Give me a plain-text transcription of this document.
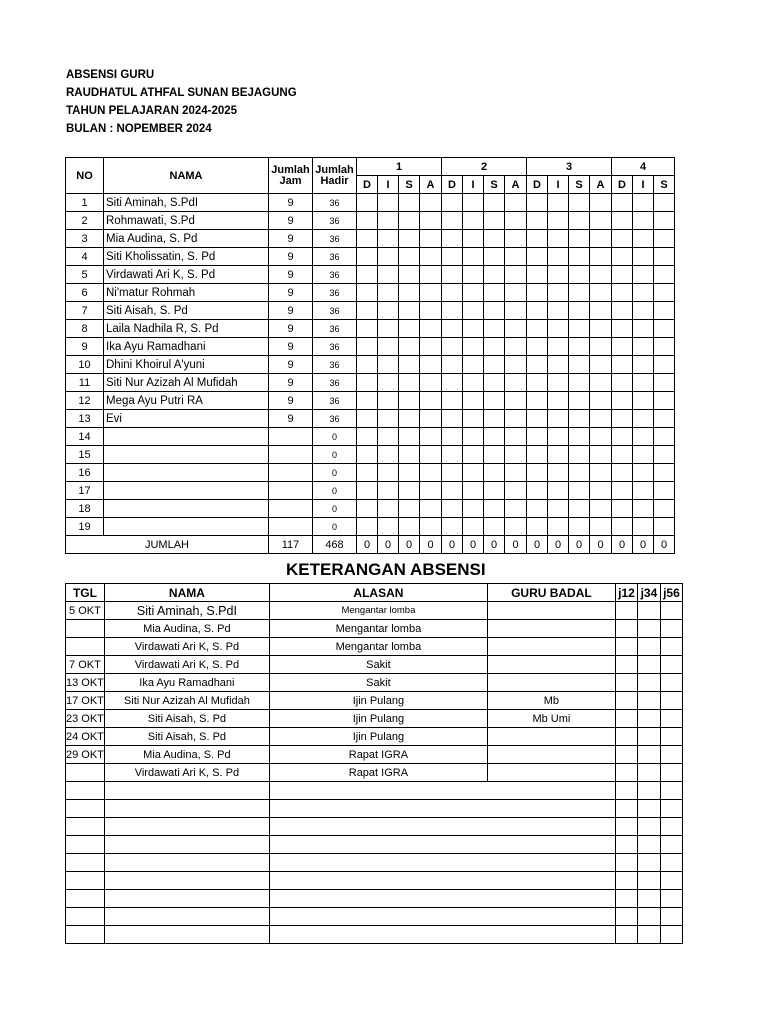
ABSENSI GURU
RAUDHATUL ATHFAL SUNAN BEJAGUNG
TAHUN PELAJARAN 2024-2025
BULAN : NOPEMBER 2024
NO	NAMA	Jumlah Jam	Jumlah Hadir	1				2				3				4		
				D	I	S	A	D	I	S	A	D	I	S	A	D	I	S
1	Siti Aminah, S.PdI	9	36															
2	Rohmawati, S.Pd	9	36															
3	Mia Audina, S. Pd	9	36															
4	Siti Kholissatin, S. Pd	9	36															
5	Virdawati Ari K, S. Pd	9	36															
6	Ni'matur Rohmah	9	36															
7	Siti Aisah, S. Pd	9	36															
8	Laila Nadhila R, S. Pd	9	36															
9	Ika Ayu Ramadhani	9	36															
10	Dhini Khoirul A'yuni	9	36															
11	Siti Nur Azizah Al Mufidah	9	36															
12	Mega Ayu Putri RA	9	36															
13	Evi	9	36															
14			0															
15			0															
16			0															
17			0															
18			0															
19			0															
JUMLAH		117	468	0	0	0	0	0	0	0	0	0	0	0	0	0	0	0
KETERANGAN ABSENSI
TGL	NAMA	ALASAN	GURU BADAL	j12	j34	j56
5 OKT	Siti Aminah, S.PdI	Mengantar lomba				
	Mia Audina, S. Pd	Mengantar lomba				
	Virdawati Ari K, S. Pd	Mengantar lomba				
7 OKT	Virdawati Ari K, S. Pd	Sakit				
13 OKT	Ika Ayu Ramadhani	Sakit				
17 OKT	Siti Nur Azizah Al Mufidah	Ijin Pulang	Mb			
23 OKT	Siti Aisah, S. Pd	Ijin Pulang	Mb Umi			
24 OKT	Siti Aisah, S. Pd	Ijin Pulang				
29 OKT	Mia Audina, S. Pd	Rapat IGRA				
	Virdawati Ari K, S. Pd	Rapat IGRA				
